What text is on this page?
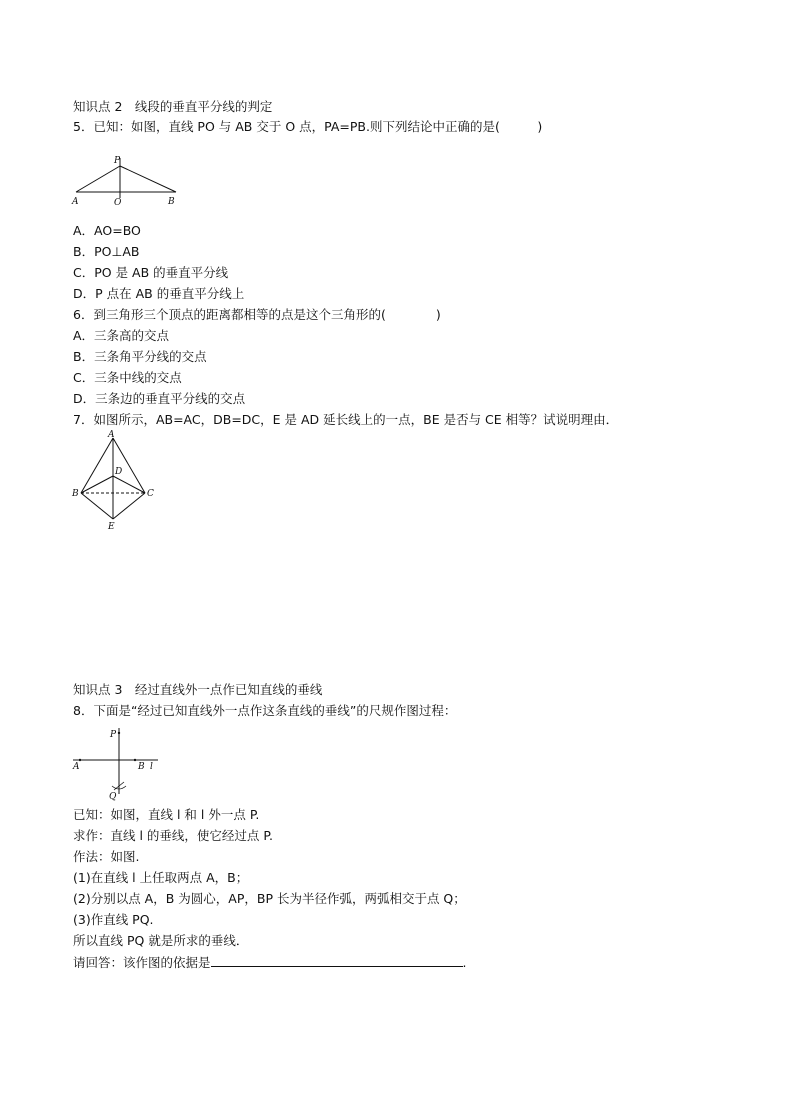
知识点 2　线段的垂直平分线的判定
5．已知：如图，直线 PO 与 AB 交于 O 点，PA=PB.则下列结论中正确的是(　　　)
P
A	O	B
A．AO=BO
B．PO⊥AB
C．PO 是 AB 的垂直平分线
D．P 点在 AB 的垂直平分线上
6．到三角形三个顶点的距离都相等的点是这个三角形的(　　　　)
A．三条高的交点
B．三条角平分线的交点
C．三条中线的交点
D．三条边的垂直平分线的交点
7．如图所示，AB=AC，DB=DC，E 是 AD 延长线上的一点，BE 是否与 CE 相等？试说明理由．
A
D
B	C
E
知识点 3　经过直线外一点作已知直线的垂线
8．下面是“经过已知直线外一点作这条直线的垂线”的尺规作图过程：
P
A	B l
Q
已知：如图，直线 l 和 l 外一点 P.
求作：直线 l 的垂线，使它经过点 P.
作法：如图.
(1)在直线 l 上任取两点 A，B；
(2)分别以点 A，B 为圆心，AP，BP 长为半径作弧，两弧相交于点 Q；
(3)作直线 PQ.
所以直线 PQ 就是所求的垂线．
请回答：该作图的依据是	.
